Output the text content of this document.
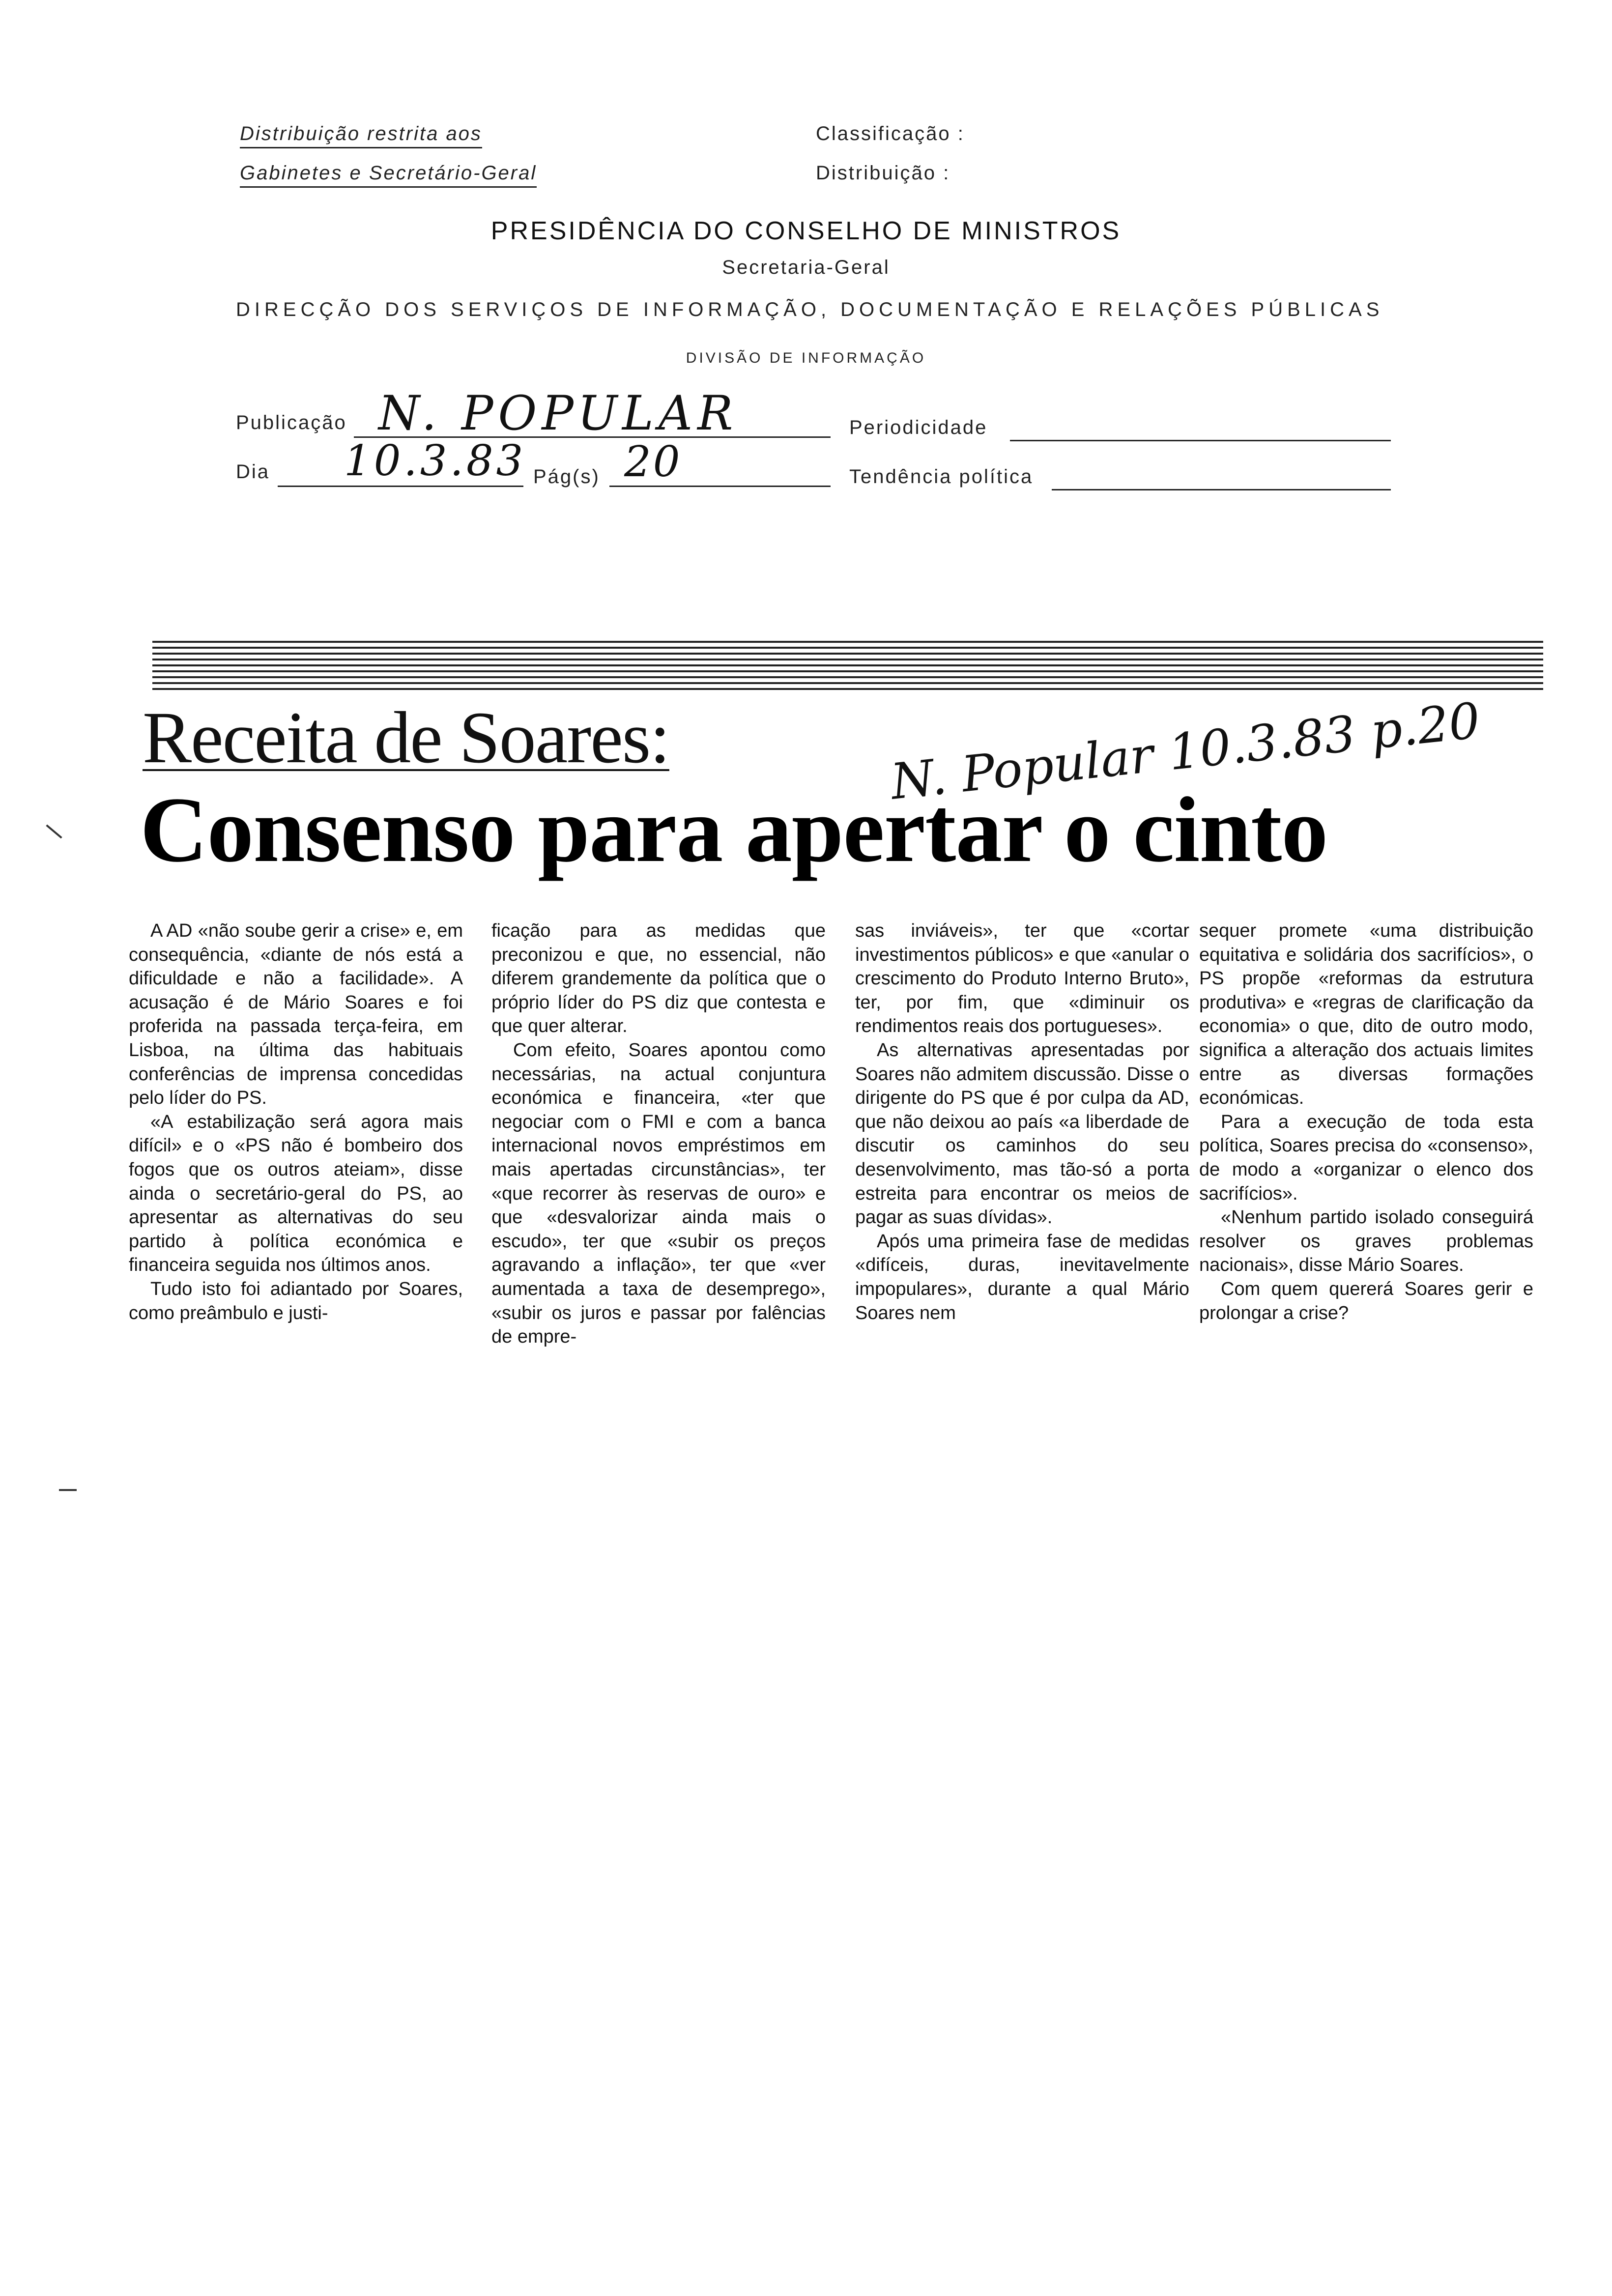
Distribuição restrita aos
Gabinetes e Secretário-Geral
Classificação :
Distribuição :
PRESIDÊNCIA DO CONSELHO DE MINISTROS
Secretaria-Geral
DIRECÇÃO DOS SERVIÇOS DE INFORMAÇÃO, DOCUMENTAÇÃO E RELAÇÕES PÚBLICAS
DIVISÃO DE INFORMAÇÃO
Publicação N. POPULAR	Periodicidade
Dia 10.3.83 Pág(s) 20	Tendência política
Receita de Soares:
Consenso para apertar o cinto
N. Popular 10.3.83 p.20

A AD «não soube gerir a crise» e, em consequência, «diante de nós está a dificuldade e não a facilidade». A acusação é de Mário Soares e foi proferida na passada terça-feira, em Lisboa, na última das habituais conferências de imprensa concedidas pelo líder do PS.

«A estabilização será agora mais difícil» e o «PS não é bombeiro dos fogos que os outros ateiam», disse ainda o secretário-geral do PS, ao apresentar as alternativas do seu partido à política económica e financeira seguida nos últimos anos.

Tudo isto foi adiantado por Soares, como preâmbulo e justi-

ficação para as medidas que preconizou e que, no essencial, não diferem grandemente da política que o próprio líder do PS diz que contesta e que quer alterar.

Com efeito, Soares apontou como necessárias, na actual conjuntura económica e financeira, «ter que negociar com o FMI e com a banca internacional novos empréstimos em mais apertadas circunstâncias», ter «que recorrer às reservas de ouro» e que «desvalorizar ainda mais o escudo», ter que «subir os preços agravando a inflação», ter que «ver aumentada a taxa de desemprego», «subir os juros e passar por falências de empre-

sas inviáveis», ter que «cortar investimentos públicos» e que «anular o crescimento do Produto Interno Bruto», ter, por fim, que «diminuir os rendimentos reais dos portugueses».

As alternativas apresentadas por Soares não admitem discussão. Disse o dirigente do PS que é por culpa da AD, que não deixou ao país «a liberdade de discutir os caminhos do seu desenvolvimento, mas tão-só a porta estreita para encontrar os meios de pagar as suas dívidas».

Após uma primeira fase de medidas «difíceis, duras, inevitavelmente impopulares», durante a qual Mário Soares nem

sequer promete «uma distribuição equitativa e solidária dos sacrifícios», o PS propõe «reformas da estrutura produtiva» e «regras de clarificação da economia» o que, dito de outro modo, significa a alteração dos actuais limites entre as diversas formações económicas.

Para a execução de toda esta política, Soares precisa do «consenso», de modo a «organizar o elenco dos sacrifícios».

«Nenhum partido isolado conseguirá resolver os graves problemas nacionais», disse Mário Soares.

Com quem quererá Soares gerir e prolongar a crise?
